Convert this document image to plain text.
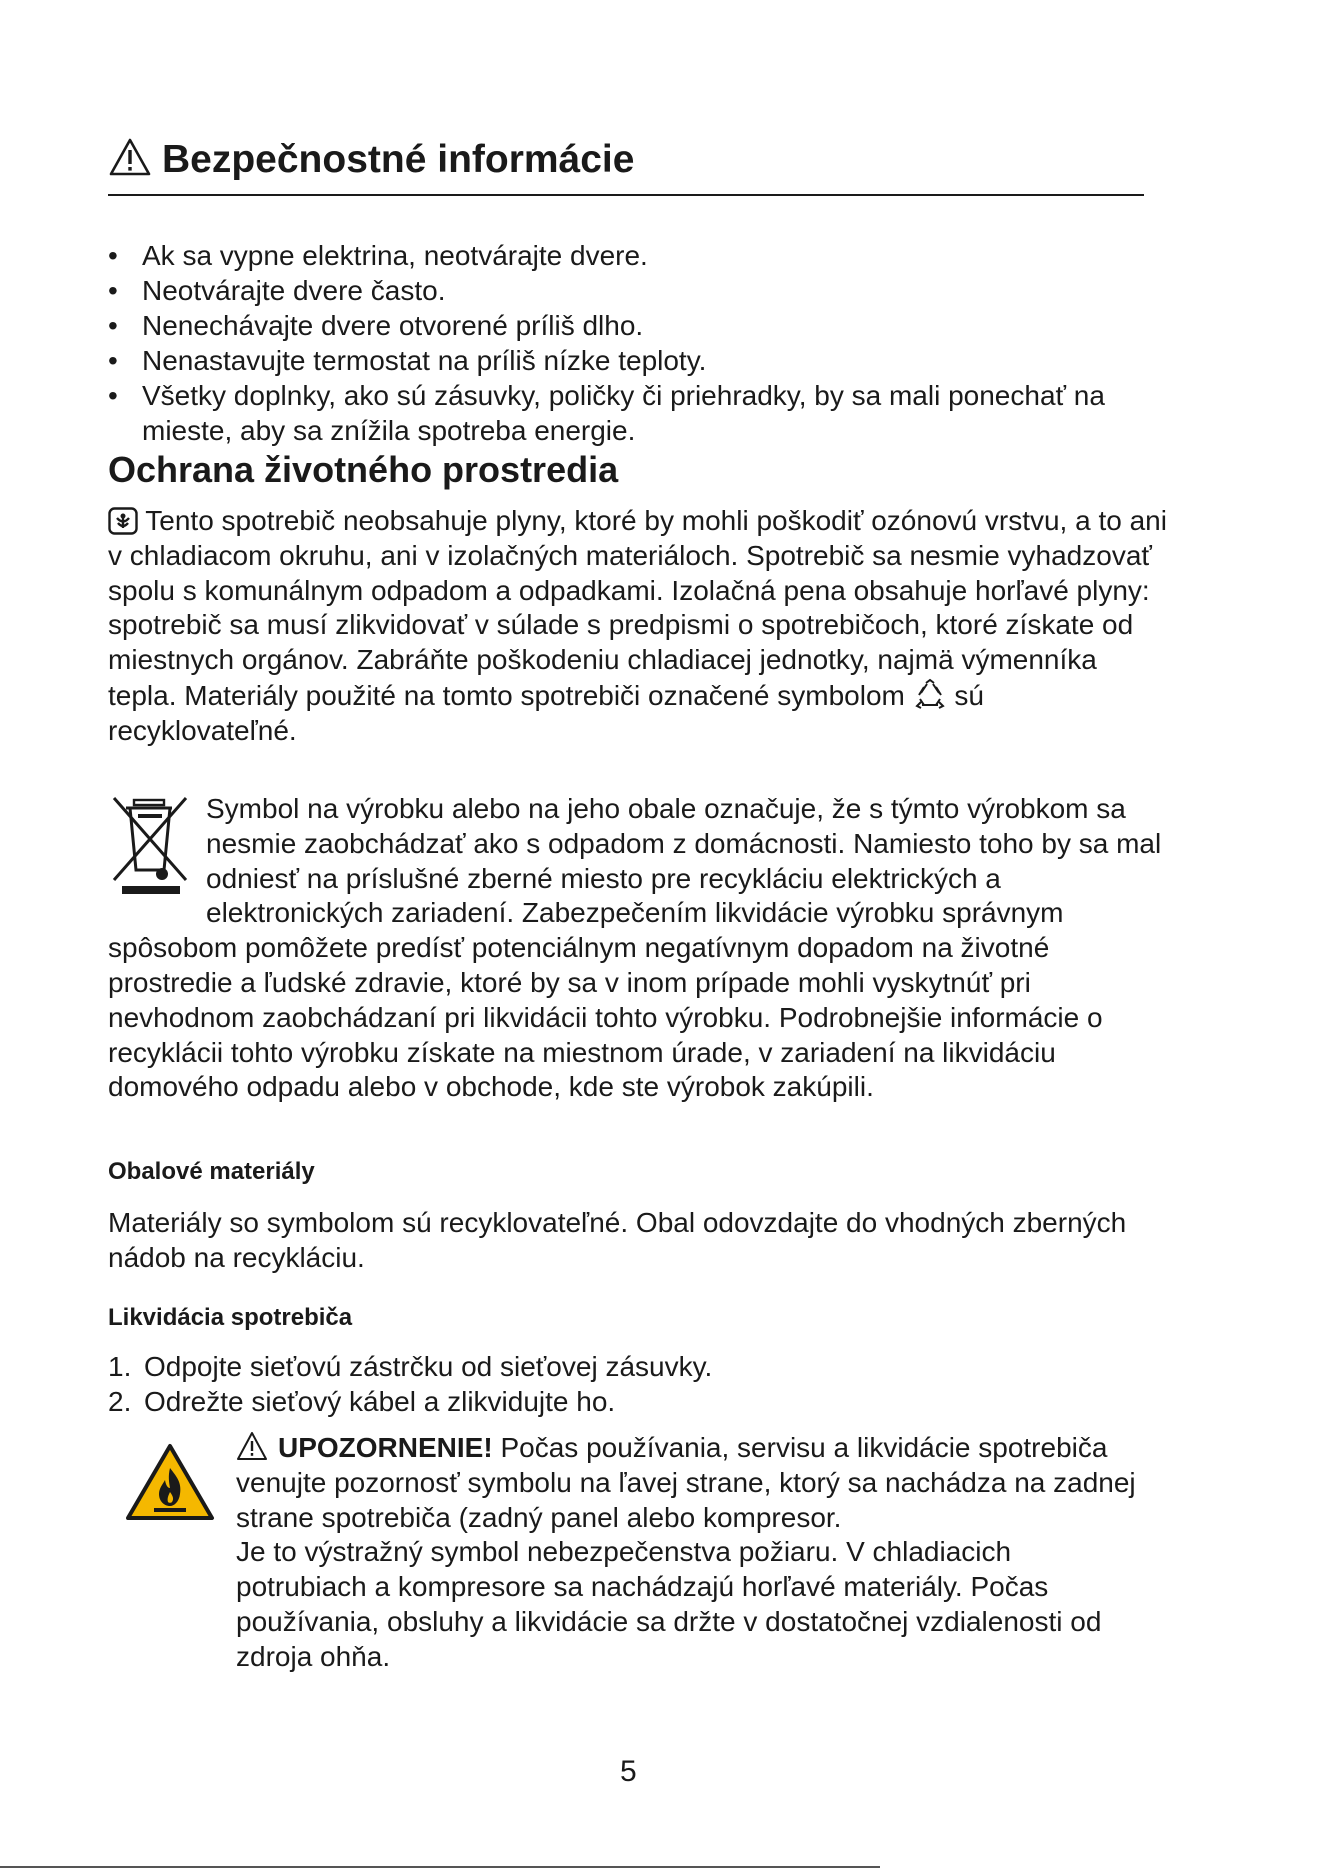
Bezpečnostné informácie
• Ak sa vypne elektrina, neotvárajte dvere.
• Neotvárajte dvere často.
• Nenechávajte dvere otvorené príliš dlho.
• Nenastavujte termostat na príliš nízke teploty.
• Všetky doplnky, ako sú zásuvky, poličky či priehradky, by sa mali ponechať na mieste, aby sa znížila spotreba energie.
Ochrana životného prostredia
Tento spotrebič neobsahuje plyny, ktoré by mohli poškodiť ozónovú vrstvu, a to ani v chladiacom okruhu, ani v izolačných materiáloch. Spotrebič sa nesmie vyhadzovať spolu s komunálnym odpadom a odpadkami. Izolačná pena obsahuje horľavé plyny: spotrebič sa musí zlikvidovať v súlade s predpismi o spotrebičoch, ktoré získate od miestnych orgánov. Zabráňte poškodeniu chladiacej jednotky, najmä výmenníka tepla. Materiály použité na tomto spotrebiči označené symbolom sú recyklovateľné.
Symbol na výrobku alebo na jeho obale označuje, že s týmto výrobkom sa nesmie zaobchádzať ako s odpadom z domácnosti. Namiesto toho by sa mal odniesť na príslušné zberné miesto pre recykláciu elektrických a elektronických zariadení. Zabezpečením likvidácie výrobku správnym spôsobom pomôžete predísť potenciálnym negatívnym dopadom na životné prostredie a ľudské zdravie, ktoré by sa v inom prípade mohli vyskytnúť pri nevhodnom zaobchádzaní pri likvidácii tohto výrobku. Podrobnejšie informácie o recyklácii tohto výrobku získate na miestnom úrade, v zariadení na likvidáciu domového odpadu alebo v obchode, kde ste výrobok zakúpili.
Obalové materiály
Materiály so symbolom sú recyklovateľné. Obal odovzdajte do vhodných zberných nádob na recykláciu.
Likvidácia spotrebiča
1. Odpojte sieťovú zástrčku od sieťovej zásuvky.
2. Odrežte sieťový kábel a zlikvidujte ho.
UPOZORNENIE! Počas používania, servisu a likvidácie spotrebiča venujte pozornosť symbolu na ľavej strane, ktorý sa nachádza na zadnej strane spotrebiča (zadný panel alebo kompresor.
Je to výstražný symbol nebezpečenstva požiaru. V chladiacich potrubiach a kompresore sa nachádzajú horľavé materiály. Počas používania, obsluhy a likvidácie sa držte v dostatočnej vzdialenosti od zdroja ohňa.
5
